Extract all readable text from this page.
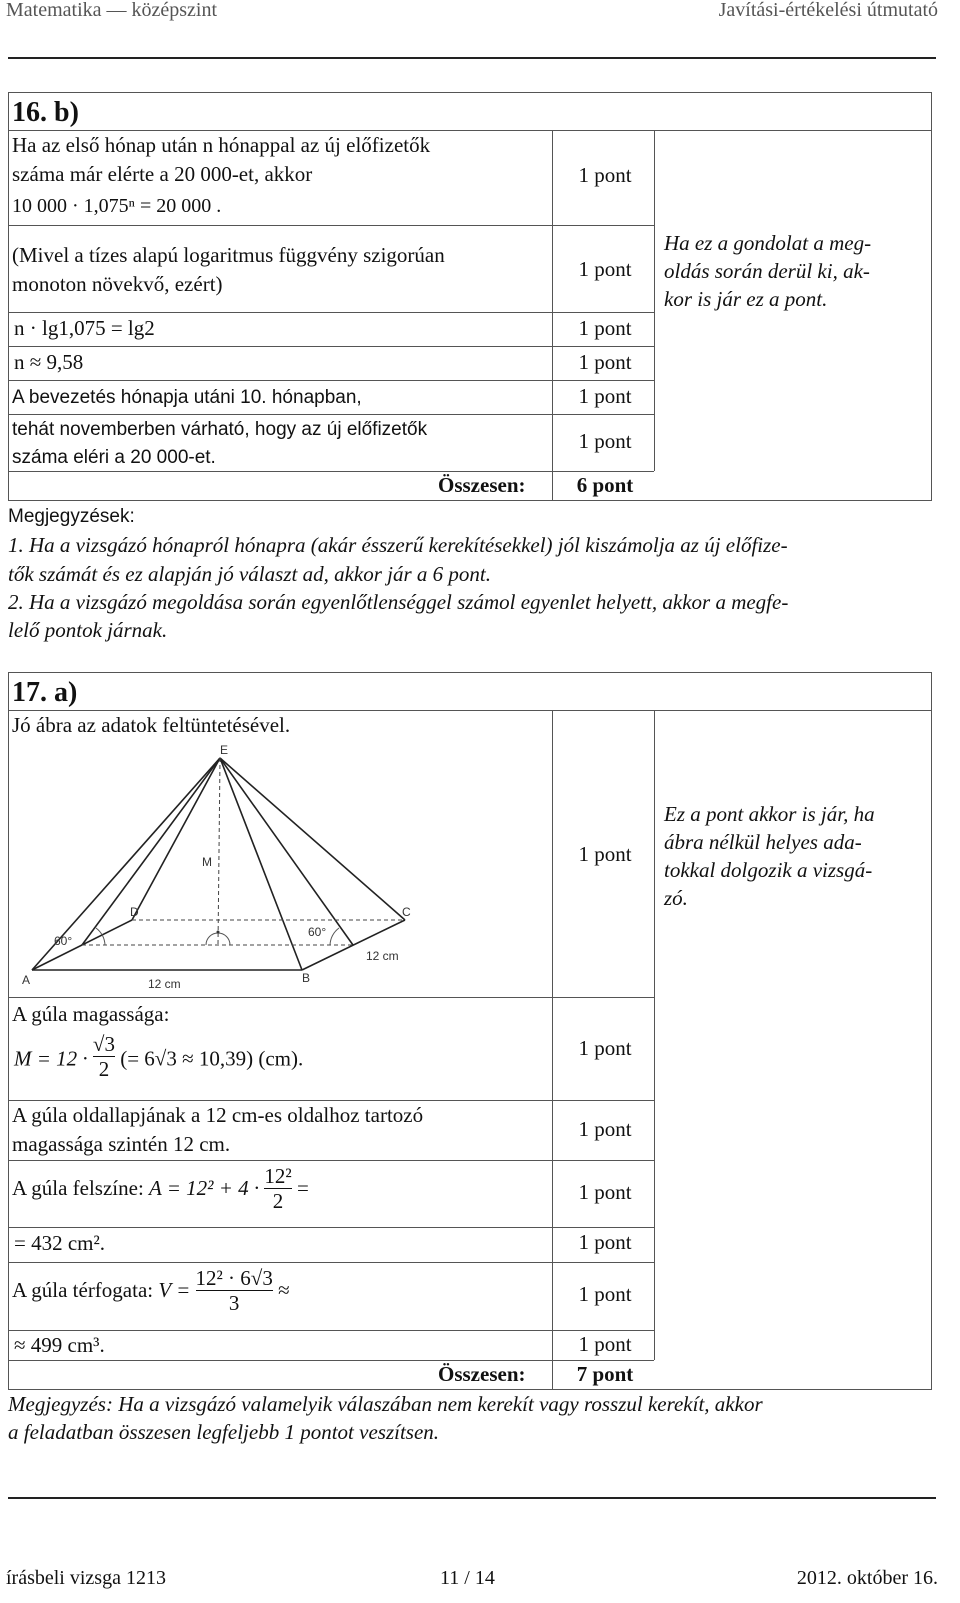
Matematika — középszint	Javítási-értékelési útmutató
16. b)
Ha az első hónap után n hónappal az új előfizetők
száma már elérte a 20 000-et, akkor
10 000 · 1,075ⁿ = 20 000 .
1 pont
(Mivel a tízes alapú logaritmus függvény szigorúan
monoton növekvő, ezért)
1 pont
Ha ez a gondolat a meg-
oldás során derül ki, ak-
kor is jár ez a pont.
n · lg1,075 = lg2	1 pont
n ≈ 9,58	1 pont
A bevezetés hónapja utáni 10. hónapban,	1 pont
tehát novemberben várható, hogy az új előfizetők
száma eléri a 20 000-et.
1 pont
Összesen:	6 pont
Megjegyzések:
1. Ha a vizsgázó hónapról hónapra (akár ésszerű kerekítésekkel) jól kiszámolja az új előfize-
tők számát és ez alapján jó választ ad, akkor jár a 6 pont.
2. Ha a vizsgázó megoldása során egyenlőtlenséggel számol egyenlet helyett, akkor a megfe-
lelő pontok járnak.
17. a)
Jó ábra az adatok feltüntetésével.
1 pont
Ez a pont akkor is jár, ha
ábra nélkül helyes ada-
tokkal dolgozik a vizsgá-
zó.
E
M
D	C
A	B
60°
60°
12 cm
12 cm
A gúla magassága:
$M = 12 \cdot \frac{√3}{2}$ (= 6√3 ≈ 10,39) (cm).	1 pont
A gúla oldallapjának a 12 cm-es oldalhoz tartozó
magassága szintén 12 cm.
1 pont
A gúla felszíne: $A = 12^2 + 4 \cdot \frac{\text{12²}}{2}$ =	1 pont
= 432 cm².	1 pont
A gúla térfogata: $V = \frac{\text{12² · 6√3}}{3}$ ≈	1 pont
≈ 499 cm³.	1 pont
Összesen:	7 pont
Megjegyzés: Ha a vizsgázó valamelyik válaszában nem kerekít vagy rosszul kerekít, akkor
a feladatban összesen legfeljebb 1 pontot veszítsen.
írásbeli vizsga 1213	11 / 14	2012. október 16.
